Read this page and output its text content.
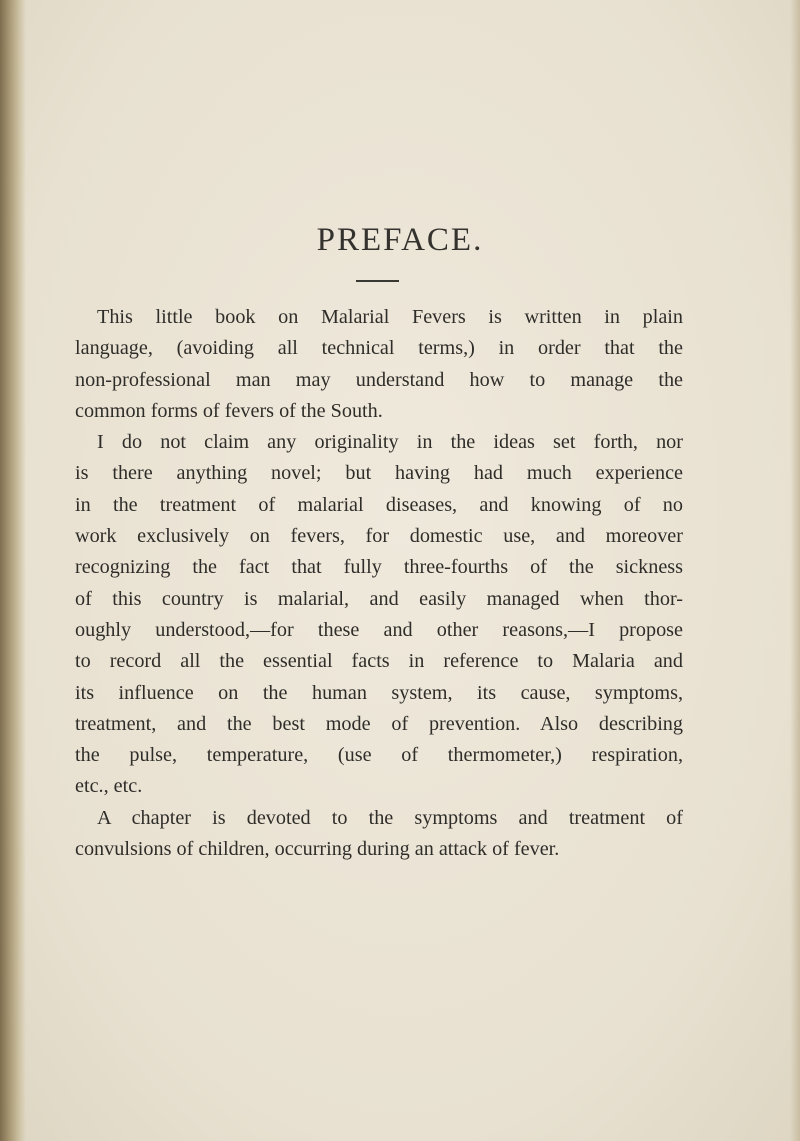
PREFACE.
This little book on Malarial Fevers is written in plain
language, (avoiding all technical terms,) in order that the
non-professional man may understand how to manage the
common forms of fevers of the South.
I do not claim any originality in the ideas set forth, nor
is there anything novel; but having had much experience
in the treatment of malarial diseases, and knowing of no
work exclusively on fevers, for domestic use, and moreover
recognizing the fact that fully three-fourths of the sickness
of this country is malarial, and easily managed when thor-
oughly understood,—for these and other reasons,—I propose
to record all the essential facts in reference to Malaria and
its influence on the human system, its cause, symptoms,
treatment, and the best mode of prevention. Also describing
the pulse, temperature, (use of thermometer,) respiration,
etc., etc.
A chapter is devoted to the symptoms and treatment of
convulsions of children, occurring during an attack of fever.
